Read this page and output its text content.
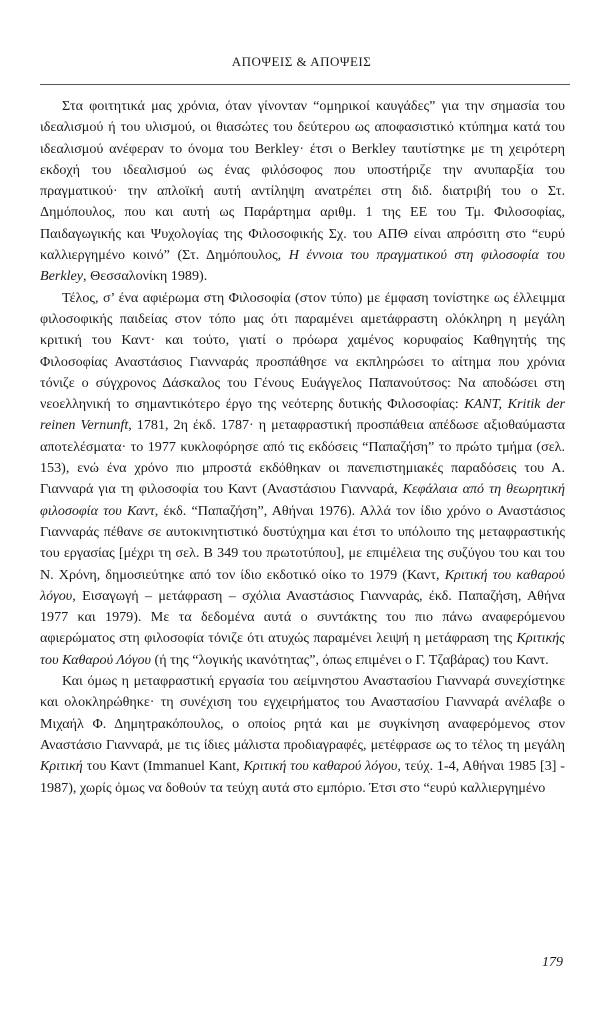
ΑΠΟΨΕΙΣ & ΑΠΟΨΕΙΣ

Στα φοιτητικά μας χρόνια, όταν γίνονταν “ομηρικοί καυγάδες” για την σημασία του ιδεαλισμού ή του υλισμού, οι θιασώτες του δεύτερου ως αποφασιστικό κτύπημα κατά του ιδεαλισμού ανέφεραν το όνομα του Berkley· έτσι ο Berkley ταυτίστηκε με τη χειρότερη εκδοχή του ιδεαλισμού ως ένας φιλόσοφος που υποστήριζε την ανυπαρξία του πραγματικού· την απλοϊκή αυτή αντίληψη ανατρέπει στη διδ. διατριβή του ο Στ. Δημόπουλος, που και αυτή ως Παράρτημα αριθμ. 1 της ΕΕ του Τμ. Φιλοσοφίας, Παιδαγωγικής και Ψυχολογίας της Φιλοσοφικής Σχ. του ΑΠΘ είναι απρόσιτη στο “ευρύ καλλιεργημένο κοινό” (Στ. Δημόπουλος, Η έννοια του πραγματικού στη φιλοσοφία του Berkley, Θεσσαλονίκη 1989).

Τέλος, σ’ ένα αφιέρωμα στη Φιλοσοφία (στον τύπο) με έμφαση τονίστηκε ως έλλειμμα φιλοσοφικής παιδείας στον τόπο μας ότι παραμένει αμετάφραστη ολόκληρη η μεγάλη κριτική του Καντ· και τούτο, γιατί ο πρόωρα χαμένος κορυφαίος Καθηγητής της Φιλοσοφίας Αναστάσιος Γιανναράς προσπάθησε να εκπληρώσει το αίτημα που χρόνια τόνιζε ο σύγχρονος Δάσκαλος του Γένους Ευάγγελος Παπανούτσος: Να αποδώσει στη νεοελληνική το σημαντικότερο έργο της νεότερης δυτικής Φιλοσοφίας: KANT, Kritik der reinen Vernunft, 1781, 2η έκδ. 1787· η μεταφραστική προσπάθεια απέδωσε αξιοθαύμαστα αποτελέσματα· το 1977 κυκλοφόρησε από τις εκδόσεις “Παπαζήση” το πρώτο τμήμα (σελ. 153), ενώ ένα χρόνο πιο μπροστά εκδόθηκαν οι πανεπιστημιακές παραδόσεις του Α. Γιανναρά για τη φιλοσοφία του Καντ (Αναστάσιου Γιανναρά, Κεφάλαια από τη θεωρητική φιλοσοφία του Καντ, έκδ. “Παπαζήση”, Αθήναι 1976). Αλλά τον ίδιο χρόνο ο Αναστάσιος Γιανναράς πέθανε σε αυτοκινητιστικό δυστύχημα και έτσι το υπόλοιπο της μεταφραστικής του εργασίας [μέχρι τη σελ. Β 349 του πρωτοτύπου], με επιμέλεια της συζύγου του και του Ν. Χρόνη, δημοσιεύτηκε από τον ίδιο εκδοτικό οίκο το 1979 (Καντ, Κριτική του καθαρού λόγου, Εισαγωγή – μετάφραση – σχόλια Αναστάσιος Γιανναράς, έκδ. Παπαζήση, Αθήνα 1977 και 1979). Με τα δεδομένα αυτά ο συντάκτης του πιο πάνω αναφερόμενου αφιερώματος στη φιλοσοφία τόνιζε ότι ατυχώς παραμένει λειψή η μετάφραση της Κριτικής του Καθαρού Λόγου (ή της “λογικής ικανότητας”, όπως επιμένει ο Γ. Τζαβάρας) του Καντ.

Και όμως η μεταφραστική εργασία του αείμνηστου Αναστασίου Γιανναρά συνεχίστηκε και ολοκληρώθηκε· τη συνέχιση του εγχειρήματος του Αναστασίου Γιανναρά ανέλαβε ο Μιχαήλ Φ. Δημητρακόπουλος, ο οποίος ρητά και με συγκίνηση αναφερόμενος στον Αναστάσιο Γιανναρά, με τις ίδιες μάλιστα προδιαγραφές, μετέφρασε ως το τέλος τη μεγάλη Κριτική του Καντ (Immanuel Kant, Κριτική του καθαρού λόγου, τεύχ. 1-4, Αθήναι 1985 [3] - 1987), χωρίς όμως να δοθούν τα τεύχη αυτά στο εμπόριο. Έτσι στο “ευρύ καλλιεργημένο

179
